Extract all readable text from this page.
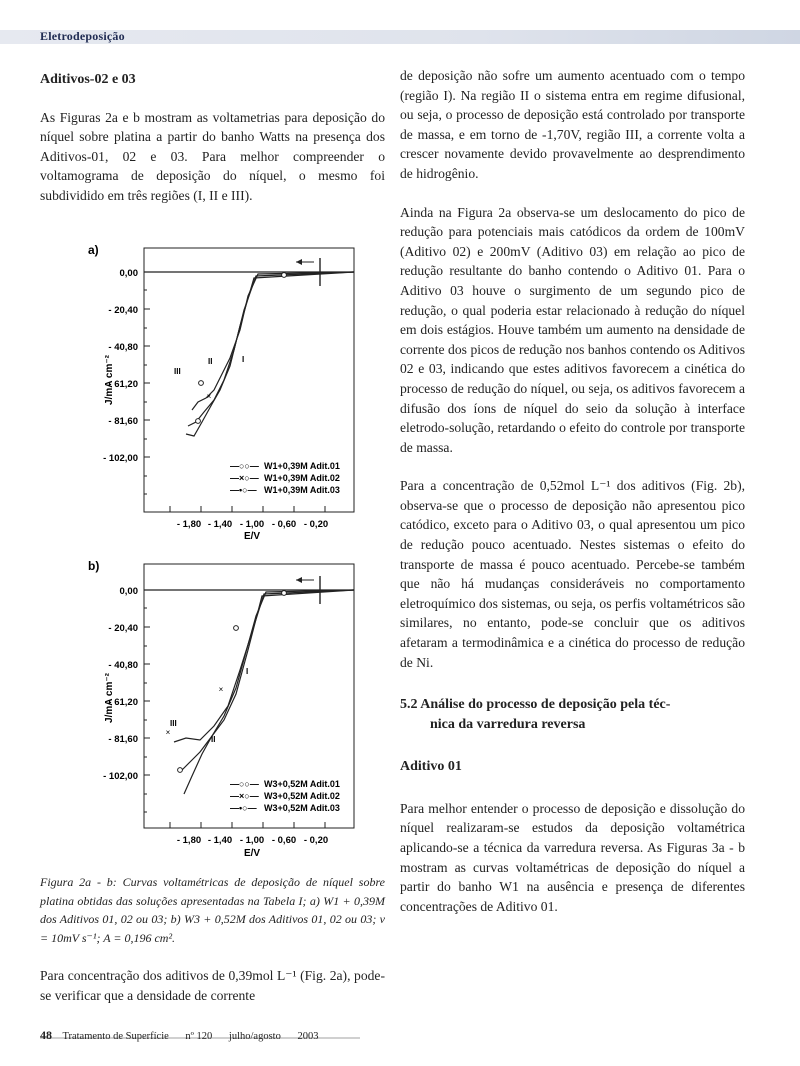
Eletrodeposição
Aditivos-02 e 03

As Figuras 2a e b mostram as voltametrias para deposição do níquel sobre platina a partir do banho Watts na presença dos Aditivos-01, 02 e 03. Para melhor compreender o voltamograma de deposição do níquel, o mesmo foi subdividido em três regiões (I, II e III).

a)
0,00
- 20,40
- 40,80
- 61,20
- 81,60
- 102,00
J/mA cm⁻²
- 1,80 - 1,40 - 1,00 - 0,60 - 0,20
E/V
×
III
II	I
—○○— W1+0,39M Adit.01
—×○— W1+0,39M Adit.02
—•○— W1+0,39M Adit.03
b)
0,00
- 20,40
- 40,80
- 61,20
- 81,60
- 102,00
J/mA cm⁻²
- 1,80 - 1,40 - 1,00 - 0,60 - 0,20
E/V
×
×
III
II
I
—○○— W3+0,52M Adit.01
—×○— W3+0,52M Adit.02
—•○— W3+0,52M Adit.03
Figura 2a - b: Curvas voltamétricas de deposição de níquel sobre platina obtidas das soluções apresentadas na Tabela I; a) W1 + 0,39M dos Aditivos 01, 02 ou 03; b) W3 + 0,52M dos Aditivos 01, 02 ou 03; v = 10mV s⁻¹; A = 0,196 cm².

Para concentração dos aditivos de 0,39mol L⁻¹ (Fig. 2a), pode-se verificar que a densidade de corrente

de deposição não sofre um aumento acentuado com o tempo (região I). Na região II o sistema entra em regime difusional, ou seja, o processo de deposição está controlado por transporte de massa, e em torno de -1,70V, região III, a corrente volta a crescer novamente devido provavelmente ao desprendimento de hidrogênio.

Ainda na Figura 2a observa-se um deslocamento do pico de redução para potenciais mais catódicos da ordem de 100mV (Aditivo 02) e 200mV (Aditivo 03) em relação ao pico de redução resultante do banho contendo o Aditivo 01. Para o Aditivo 03 houve o surgimento de um segundo pico de redução, o qual poderia estar relacionado à redução do níquel em dois estágios. Houve também um aumento na densidade de corrente dos picos de redução nos banhos contendo os Aditivos 02 e 03, indicando que estes aditivos favorecem a cinética do processo de redução do níquel, ou seja, os aditivos favorecem a difusão dos íons de níquel do seio da solução à interface eletrodo-solução, retardando o efeito do controle por transporte de massa.

Para a concentração de 0,52mol L⁻¹ dos aditivos (Fig. 2b), observa-se que o processo de deposição não apresentou pico catódico, exceto para o Aditivo 03, o qual apresentou um pico de redução pouco acentuado. Nestes sistemas o efeito do transporte de massa é pouco acentuado. Percebe-se também que não há mudanças consideráveis no comportamento eletroquímico dos sistemas, ou seja, os perfis voltamétricos são similares, no entanto, pode-se concluir que os aditivos afetaram a termodinâmica e a cinética do processo de redução de Ni.

5.2 Análise do processo de deposição pela téc-
nica da varredura reversa
Aditivo 01

Para melhor entender o processo de deposição e dissolução do níquel realizaram-se estudos da deposição voltamétrica aplicando-se a técnica da varredura reversa. As Figuras 3a - b mostram as curvas voltamétricas de deposição do níquel a partir do banho W1 na ausência e presença de diferentes concentrações de Aditivo 01.

48 Tratamento de Superfície nº 120 julho/agosto 2003
